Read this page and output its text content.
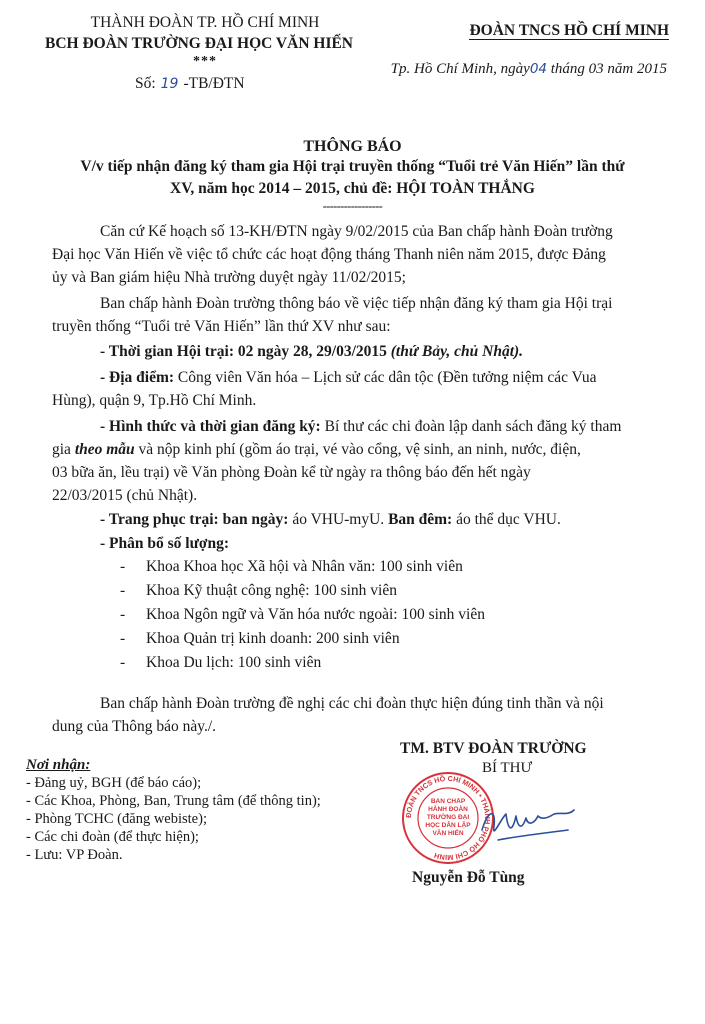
THÀNH ĐOÀN TP. HỒ CHÍ MINH
BCH ĐOÀN TRƯỜNG ĐẠI HỌC VĂN HIẾN
***
Số: 19 -TB/ĐTN
ĐOÀN TNCS HỒ CHÍ MINH
Tp. Hồ Chí Minh, ngày04 tháng 03 năm 2015
THÔNG BÁO
V/v tiếp nhận đăng ký tham gia Hội trại truyền thống “Tuổi trẻ Văn Hiến” lần thứ
XV, năm học 2014 – 2015, chủ đề: HỘI TOÀN THẮNG
-----------------
Căn cứ Kế hoạch số 13-KH/ĐTN ngày 9/02/2015 của Ban chấp hành Đoàn trường
Đại học Văn Hiến về việc tổ chức các hoạt động tháng Thanh niên năm 2015, được Đảng
ủy và Ban giám hiệu Nhà trường duyệt ngày 11/02/2015;
Ban chấp hành Đoàn trường thông báo về việc tiếp nhận đăng ký tham gia Hội trại
truyền thống “Tuổi trẻ Văn Hiến” lần thứ XV như sau:
- Thời gian Hội trại: 02 ngày 28, 29/03/2015 (thứ Bảy, chủ Nhật).
- Địa điểm: Công viên Văn hóa – Lịch sử các dân tộc (Đền tưởng niệm các Vua
Hùng), quận 9, Tp.Hồ Chí Minh.
- Hình thức và thời gian đăng ký: Bí thư các chi đoàn lập danh sách đăng ký tham
gia theo mẫu và nộp kinh phí (gồm áo trại, vé vào cổng, vệ sinh, an ninh, nước, điện,
03 bữa ăn, lều trại) về Văn phòng Đoàn kể từ ngày ra thông báo đến hết ngày
22/03/2015 (chủ Nhật).
- Trang phục trại: ban ngày: áo VHU-myU. Ban đêm: áo thể dục VHU.
- Phân bổ số lượng:
- Khoa Khoa học Xã hội và Nhân văn: 100 sinh viên
- Khoa Kỹ thuật công nghệ: 100 sinh viên
- Khoa Ngôn ngữ và Văn hóa nước ngoài: 100 sinh viên
- Khoa Quản trị kinh doanh: 200 sinh viên
- Khoa Du lịch: 100 sinh viên
Ban chấp hành Đoàn trường đề nghị các chi đoàn thực hiện đúng tinh thần và nội
dung của Thông báo này./.
Nơi nhận:
- Đảng uỷ, BGH (để báo cáo);
- Các Khoa, Phòng, Ban, Trung tâm (để thông tin);
- Phòng TCHC (đăng webiste);
- Các chi đoàn (để thực hiện);
- Lưu: VP Đoàn.
TM. BTV ĐOÀN TRƯỜNG
BÍ THƯ
ĐOÀN TNCS HỒ CHÍ MINH • THÀNH PHỐ HỒ CHÍ MINH
BAN CHẤP HÀNH ĐOÀN TRƯỜNG ĐẠI HỌC DÂN LẬP VĂN HIẾN
Nguyễn Đỗ Tùng
